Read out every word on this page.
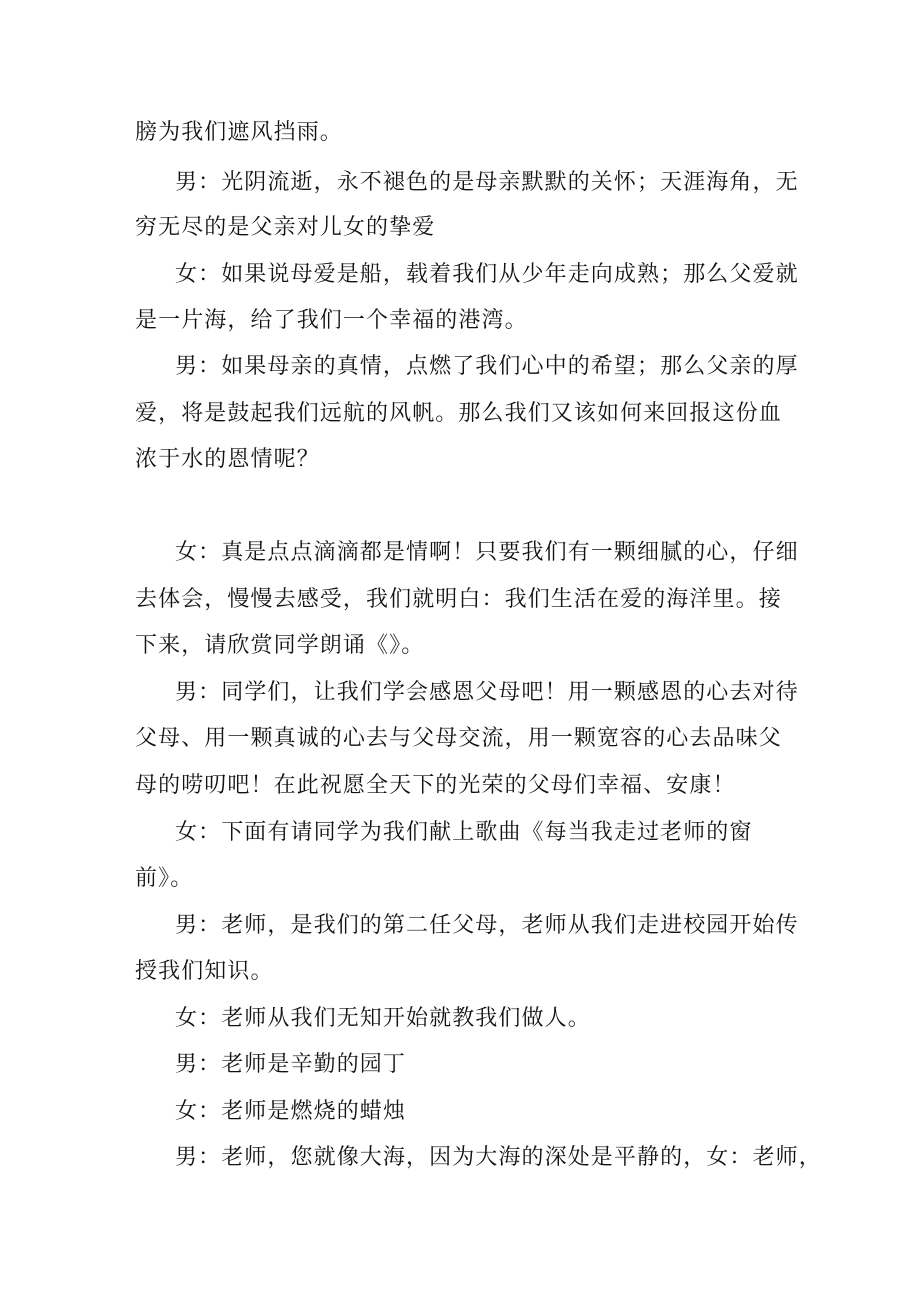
膀为我们遮风挡雨。
男：光阴流逝，永不褪色的是母亲默默的关怀；天涯海角，无
穷无尽的是父亲对儿女的挚爱
女：如果说母爱是船，载着我们从少年走向成熟；那么父爱就
是一片海，给了我们一个幸福的港湾。
男：如果母亲的真情，点燃了我们心中的希望；那么父亲的厚
爱，将是鼓起我们远航的风帆。那么我们又该如何来回报这份血
浓于水的恩情呢？
女：真是点点滴滴都是情啊！只要我们有一颗细腻的心，仔细
去体会，慢慢去感受，我们就明白：我们生活在爱的海洋里。接
下来，请欣赏同学朗诵《》。
男：同学们，让我们学会感恩父母吧！用一颗感恩的心去对待
父母、用一颗真诚的心去与父母交流，用一颗宽容的心去品味父
母的唠叨吧！在此祝愿全天下的光荣的父母们幸福、安康！
女：下面有请同学为我们献上歌曲《每当我走过老师的窗
前》。
男：老师，是我们的第二任父母，老师从我们走进校园开始传
授我们知识。
女：老师从我们无知开始就教我们做人。
男：老师是辛勤的园丁
女：老师是燃烧的蜡烛
男：老师，您就像大海，因为大海的深处是平静的，女：老师，
